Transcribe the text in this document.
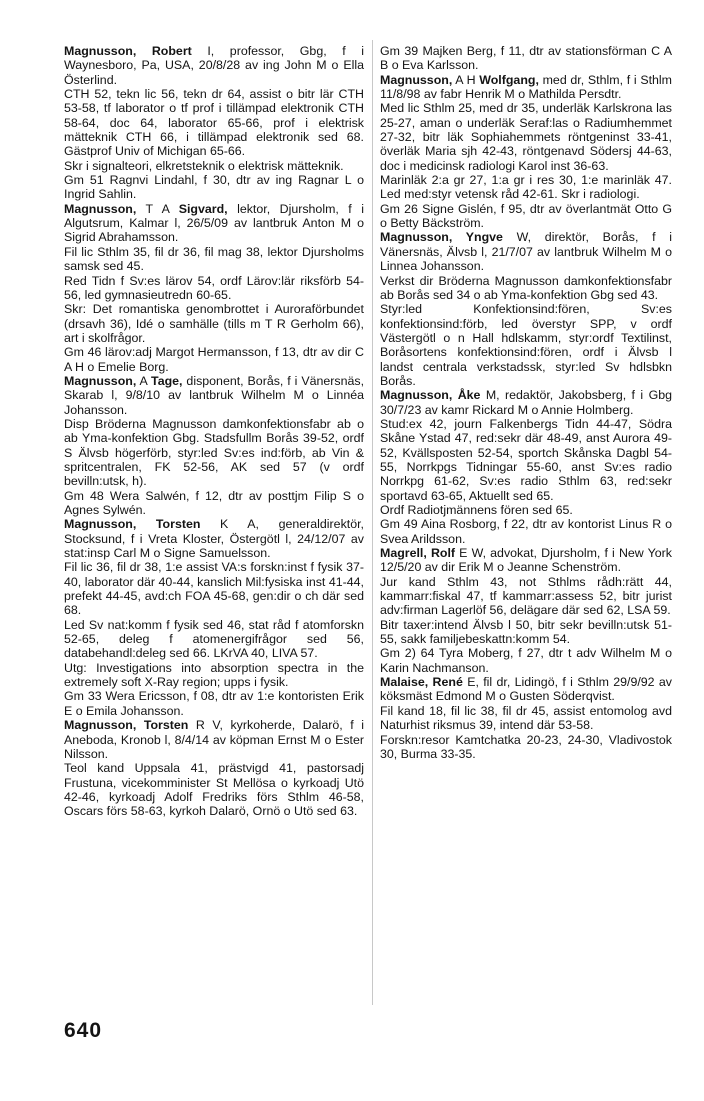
Magnusson, Robert I, professor, Gbg, f i Waynesboro, Pa, USA, 20/8/28 av ing John M o Ella Österlind.

CTH 52, tekn lic 56, tekn dr 64, assist o bitr lär CTH 53-58, tf laborator o tf prof i tillämpad elektronik CTH 58-64, doc 64, laborator 65-66, prof i elektrisk mätteknik CTH 66, i tillämpad elektronik sed 68. Gästprof Univ of Michigan 65-66.

Skr i signalteori, elkretsteknik o elektrisk mätteknik.

Gm 51 Ragnvi Lindahl, f 30, dtr av ing Ragnar L o Ingrid Sahlin.

Magnusson, T A Sigvard, lektor, Djursholm, f i Algutsrum, Kalmar l, 26/5/09 av lantbruk Anton M o Sigrid Abrahamsson.

Fil lic Sthlm 35, fil dr 36, fil mag 38, lektor Djursholms samsk sed 45.

Red Tidn f Sv:es lärov 54, ordf Lärov:lär riksförb 54-56, led gymnasieutredn 60-65.

Skr: Det romantiska genombrottet i Auroraförbundet (drsavh 36), Idé o samhälle (tills m T R Gerholm 66), art i skolfrågor.

Gm 46 lärov:adj Margot Hermansson, f 13, dtr av dir C A H o Emelie Borg.

Magnusson, A Tage, disponent, Borås, f i Vänersnäs, Skarab l, 9/8/10 av lantbruk Wilhelm M o Linnéa Johansson.

Disp Bröderna Magnusson damkonfektionsfabr ab o ab Yma-konfektion Gbg. Stadsfullm Borås 39-52, ordf S Älvsb högerförb, styr:led Sv:es ind:förb, ab Vin & spritcentralen, FK 52-56, AK sed 57 (v ordf bevilln:utsk, h).

Gm 48 Wera Salwén, f 12, dtr av posttjm Filip S o Agnes Sylwén.

Magnusson, Torsten K A, generaldirektör, Stocksund, f i Vreta Kloster, Östergötl l, 24/12/07 av stat:insp Carl M o Signe Samuelsson.

Fil lic 36, fil dr 38, 1:e assist VA:s forskn:inst f fysik 37-40, laborator där 40-44, kanslich Mil:fysiska inst 41-44, prefekt 44-45, avd:ch FOA 45-68, gen:dir o ch där sed 68.

Led Sv nat:komm f fysik sed 46, stat råd f atomforskn 52-65, deleg f atomenergifrågor sed 56, databehandl:deleg sed 66. LKrVA 40, LIVA 57.

Utg: Investigations into absorption spectra in the extremely soft X-Ray region; upps i fysik.

Gm 33 Wera Ericsson, f 08, dtr av 1:e kontoristen Erik E o Emila Johansson.

Magnusson, Torsten R V, kyrkoherde, Dalarö, f i Aneboda, Kronob l, 8/4/14 av köpman Ernst M o Ester Nilsson.

Teol kand Uppsala 41, prästvigd 41, pastorsadj Frustuna, vicekomminister St Mellösa o kyrkoadj Utö 42-46, kyrkoadj Adolf Fredriks förs Sthlm 46-58, Oscars förs 58-63, kyrkoh Dalarö, Ornö o Utö sed 63.

Gm 39 Majken Berg, f 11, dtr av stationsförman C A B o Eva Karlsson.

Magnusson, A H Wolfgang, med dr, Sthlm, f i Sthlm 11/8/98 av fabr Henrik M o Mathilda Persdtr.

Med lic Sthlm 25, med dr 35, underläk Karlskrona las 25-27, aman o underläk Seraf:las o Radiumhemmet 27-32, bitr läk Sophiahemmets röntgeninst 33-41, överläk Maria sjh 42-43, röntgenavd Södersj 44-63, doc i medicinsk radiologi Karol inst 36-63.

Marinläk 2:a gr 27, 1:a gr i res 30, 1:e marinläk 47. Led med:styr vetensk råd 42-61. Skr i radiologi.

Gm 26 Signe Gislén, f 95, dtr av överlantmät Otto G o Betty Bäckström.

Magnusson, Yngve W, direktör, Borås, f i Vänersnäs, Älvsb l, 21/7/07 av lantbruk Wilhelm M o Linnea Johansson.

Verkst dir Bröderna Magnusson damkonfektionsfabr ab Borås sed 34 o ab Yma-konfektion Gbg sed 43.

Styr:led Konfektionsind:fören, Sv:es konfektionsind:förb, led överstyr SPP, v ordf Västergötl o n Hall hdlskamm, styr:ordf Textilinst, Boråsortens konfektionsind:fören, ordf i Älvsb l landst centrala verkstadssk, styr:led Sv hdlsbkn Borås.

Magnusson, Åke M, redaktör, Jakobsberg, f i Gbg 30/7/23 av kamr Rickard M o Annie Holmberg.

Stud:ex 42, journ Falkenbergs Tidn 44-47, Södra Skåne Ystad 47, red:sekr där 48-49, anst Aurora 49-52, Kvällsposten 52-54, sportch Skånska Dagbl 54-55, Norrkpgs Tidningar 55-60, anst Sv:es radio Norrkpg 61-62, Sv:es radio Sthlm 63, red:sekr sportavd 63-65, Aktuellt sed 65.

Ordf Radiotjmännens fören sed 65.

Gm 49 Aina Rosborg, f 22, dtr av kontorist Linus R o Svea Arildsson.

Magrell, Rolf E W, advokat, Djursholm, f i New York 12/5/20 av dir Erik M o Jeanne Schenström.

Jur kand Sthlm 43, not Sthlms rådh:rätt 44, kammarr:fiskal 47, tf kammarr:assess 52, bitr jurist adv:firman Lagerlöf 56, delägare där sed 62, LSA 59.

Bitr taxer:intend Älvsb l 50, bitr sekr bevilln:utsk 51-55, sakk familjebeskattn:komm 54.

Gm 2) 64 Tyra Moberg, f 27, dtr t adv Wilhelm M o Karin Nachmanson.

Malaise, René E, fil dr, Lidingö, f i Sthlm 29/9/92 av köksmäst Edmond M o Gusten Söderqvist.

Fil kand 18, fil lic 38, fil dr 45, assist entomolog avd Naturhist riksmus 39, intend där 53-58.

Forskn:resor Kamtchatka 20-23, 24-30, Vladivostok 30, Burma 33-35.

640
